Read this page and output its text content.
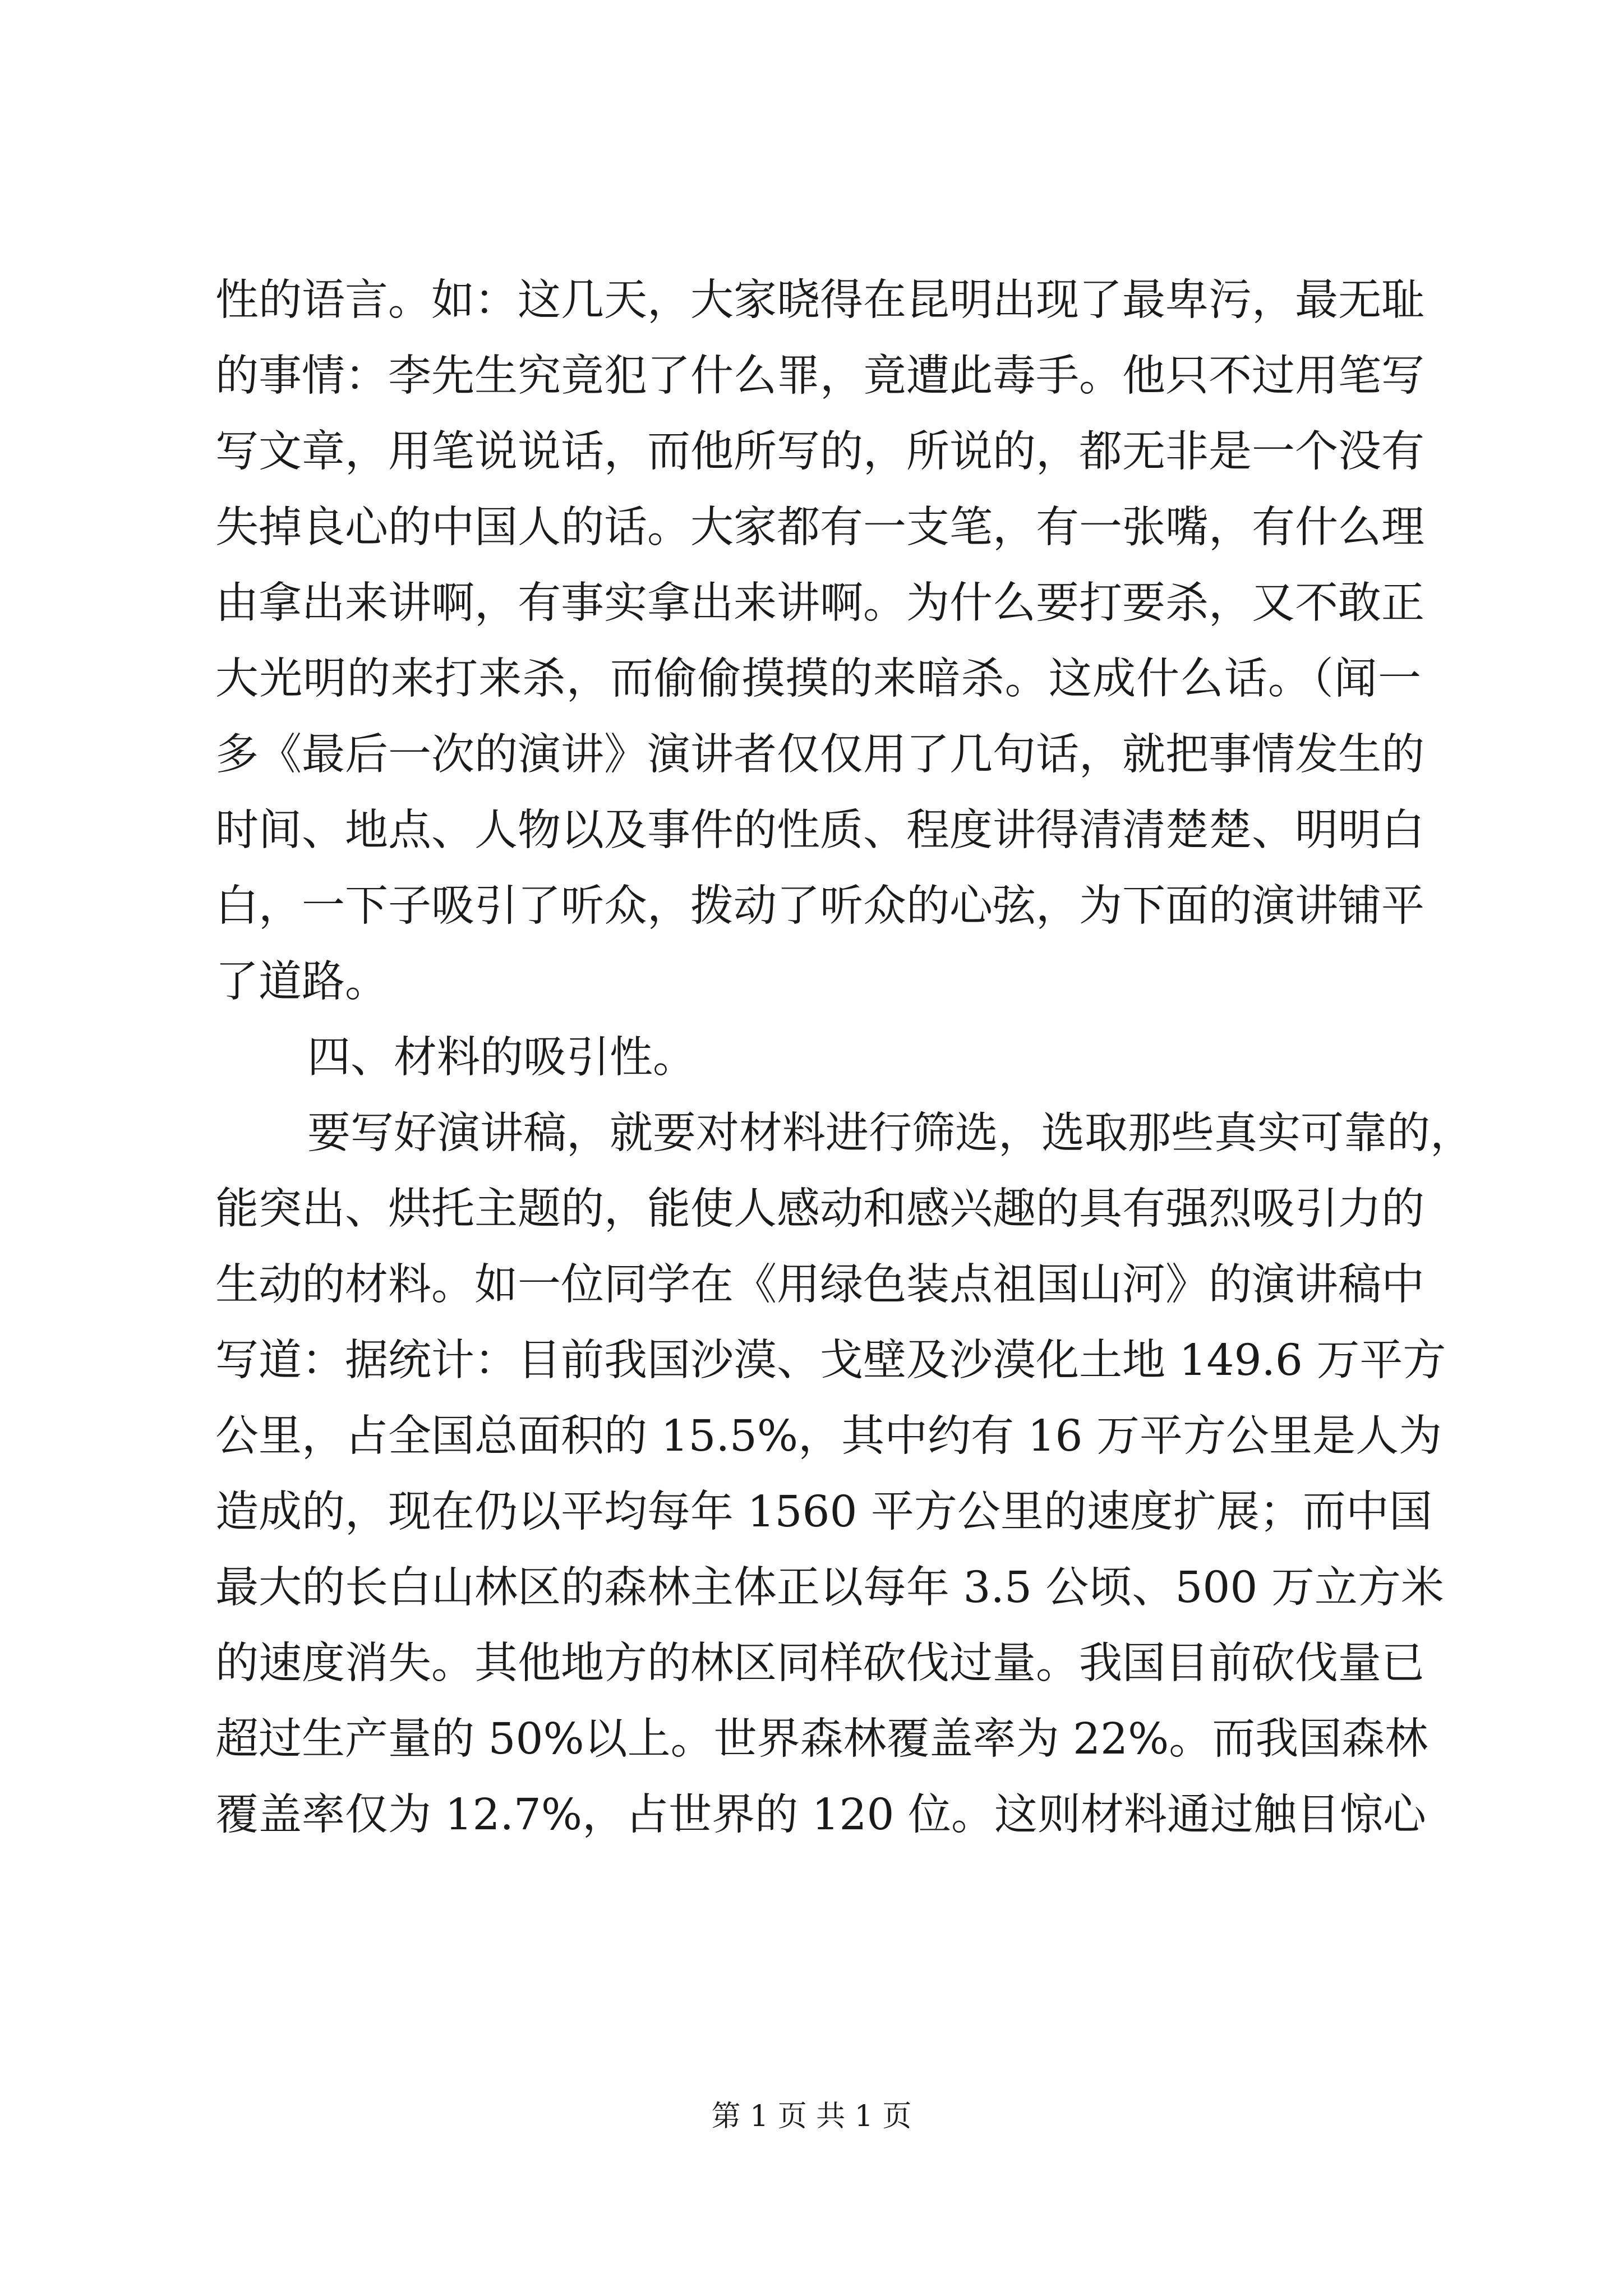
性的语言。如：这几天，大家晓得在昆明出现了最卑污，最无耻
的事情：李先生究竟犯了什么罪，竟遭此毒手。他只不过用笔写
写文章，用笔说说话，而他所写的，所说的，都无非是一个没有
失掉良心的中国人的话。大家都有一支笔，有一张嘴，有什么理
由拿出来讲啊，有事实拿出来讲啊。为什么要打要杀，又不敢正
大光明的来打来杀，而偷偷摸摸的来暗杀。这成什么话。（闻一
多《最后一次的演讲》演讲者仅仅用了几句话，就把事情发生的
时间、地点、人物以及事件的性质、程度讲得清清楚楚、明明白
白，一下子吸引了听众，拨动了听众的心弦，为下面的演讲铺平
了道路。
四、材料的吸引性。
要写好演讲稿，就要对材料进行筛选，选取那些真实可靠的，
能突出、烘托主题的，能使人感动和感兴趣的具有强烈吸引力的
生动的材料。如一位同学在《用绿色装点祖国山河》的演讲稿中
写道：据统计：目前我国沙漠、戈壁及沙漠化土地 149.6 万平方
公里，占全国总面积的 15.5%，其中约有 16 万平方公里是人为
造成的，现在仍以平均每年 1560 平方公里的速度扩展；而中国
最大的长白山林区的森林主体正以每年 3.5 公顷、500 万立方米
的速度消失。其他地方的林区同样砍伐过量。我国目前砍伐量已
超过生产量的 50%以上。世界森林覆盖率为 22%。而我国森林
覆盖率仅为 12.7%，占世界的 120 位。这则材料通过触目惊心
第 1 页 共 1 页
